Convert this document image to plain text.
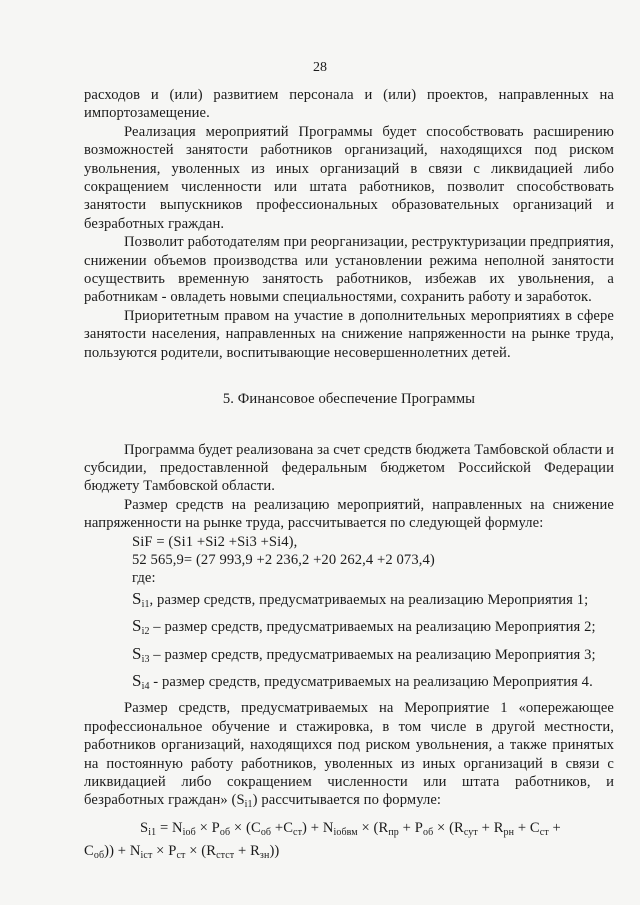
28

расходов и (или) развитием персонала и (или) проектов, направленных на импортозамещение.

Реализация мероприятий Программы будет способствовать расширению возможностей занятости работников организаций, находящихся под риском увольнения, уволенных из иных организаций в связи с ликвидацией либо сокращением численности или штата работников, позволит способствовать занятости выпускников профессиональных образовательных организаций и безработных граждан.

Позволит работодателям при реорганизации, реструктуризации предприятия, снижении объемов производства или установлении режима неполной занятости осуществить временную занятость работников, избежав их увольнения, а работникам - овладеть новыми специальностями, сохранить работу и заработок.

Приоритетным правом на участие в дополнительных мероприятиях в сфере занятости населения, направленных на снижение напряженности на рынке труда, пользуются родители, воспитывающие несовершеннолетних детей.

5. Финансовое обеспечение Программы

Программа будет реализована за счет средств бюджета Тамбовской области и субсидии, предоставленной федеральным бюджетом Российской Федерации бюджету Тамбовской области.

Размер средств на реализацию мероприятий, направленных на снижение напряженности на рынке труда, рассчитывается по следующей формуле:

SiF = (Si1 +Si2 +Si3 +Si4),

52 565,9= (27 993,9 +2 236,2 +20 262,4 +2 073,4)

где:

$S_{i1}$, размер средств, предусматриваемых на реализацию Мероприятия 1;

$S_{i2}$ – размер средств, предусматриваемых на реализацию Мероприятия 2;

$S_{i3}$ – размер средств, предусматриваемых на реализацию Мероприятия 3;

$S_{i4}$ - размер средств, предусматриваемых на реализацию Мероприятия 4.

Размер средств, предусматриваемых на Мероприятие 1 «опережающее профессиональное обучение и стажировка, в том числе в другой местности, работников организаций, находящихся под риском увольнения, а также принятых на постоянную работу работников, уволенных из иных организаций в связи с ликвидацией либо сокращением численности или штата работников, и безработных граждан» $(S_{i1})$ рассчитывается по формуле:

$S_{i1} = N_{iоб} \times P_{об} \times (C_{об} +C_{ст}) + N_{iобвм} \times (R_{пр} + P_{об} \times (R_{сут} + R_{рн} + C_{ст}$ +

$C_{об})) + N_{iст} \times P_{ст} \times (R_{стст} + R_{зн})$)
